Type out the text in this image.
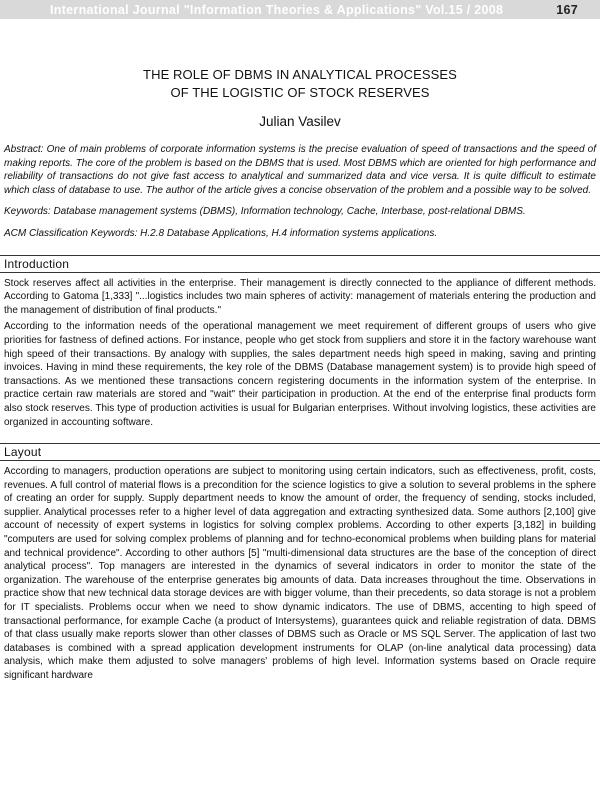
International Journal "Information Theories & Applications" Vol.15 / 2008	167
THE ROLE OF DBMS IN ANALYTICAL PROCESSES
OF THE LOGISTIC OF STOCK RESERVES
Julian Vasilev

Abstract: One of main problems of corporate information systems is the precise evaluation of speed of transactions and the speed of making reports. The core of the problem is based on the DBMS that is used. Most DBMS which are oriented for high performance and reliability of transactions do not give fast access to analytical and summarized data and vice versa. It is quite difficult to estimate which class of database to use. The author of the article gives a concise observation of the problem and a possible way to be solved.

Keywords: Database management systems (DBMS), Information technology, Cache, Interbase, post-relational DBMS.

ACM Classification Keywords: H.2.8 Database Applications, H.4 information systems applications.

Introduction

Stock reserves affect all activities in the enterprise. Their management is directly connected to the appliance of different methods. According to Gatoma [1,333] "...logistics includes two main spheres of activity: management of materials entering the production and the management of distribution of final products."

According to the information needs of the operational management we meet requirement of different groups of users who give priorities for fastness of defined actions. For instance, people who get stock from suppliers and store it in the factory warehouse want high speed of their transactions. By analogy with supplies, the sales department needs high speed in making, saving and printing invoices. Having in mind these requirements, the key role of the DBMS (Database management system) is to provide high speed of transactions. As we mentioned these transactions concern registering documents in the information system of the enterprise. In practice certain raw materials are stored and "wait" their participation in production. At the end of the enterprise final products form also stock reserves. This type of production activities is usual for Bulgarian enterprises. Without involving logistics, these activities are organized in accounting software.

Layout

According to managers, production operations are subject to monitoring using certain indicators, such as effectiveness, profit, costs, revenues. A full control of material flows is a precondition for the science logistics to give a solution to several problems in the sphere of creating an order for supply. Supply department needs to know the amount of order, the frequency of sending, stocks included, supplier. Analytical processes refer to a higher level of data aggregation and extracting synthesized data. Some authors [2,100] give account of necessity of expert systems in logistics for solving complex problems. According to other experts [3,182] in building "computers are used for solving complex problems of planning and for techno-economical problems when building plans for material and technical providence". According to other authors [5] "multi-dimensional data structures are the base of the conception of direct analytical process". Top managers are interested in the dynamics of several indicators in order to monitor the state of the organization. The warehouse of the enterprise generates big amounts of data. Data increases throughout the time. Observations in practice show that new technical data storage devices are with bigger volume, than their precedents, so data storage is not a problem for IT specialists. Problems occur when we need to show dynamic indicators. The use of DBMS, accenting to high speed of transactional performance, for example Cache (a product of Intersystems), guarantees quick and reliable registration of data. DBMS of that class usually make reports slower than other classes of DBMS such as Oracle or MS SQL Server. The application of last two databases is combined with a spread application development instruments for OLAP (on-line analytical data processing) data analysis, which make them adjusted to solve managers' problems of high level. Information systems based on Oracle require significant hardware
